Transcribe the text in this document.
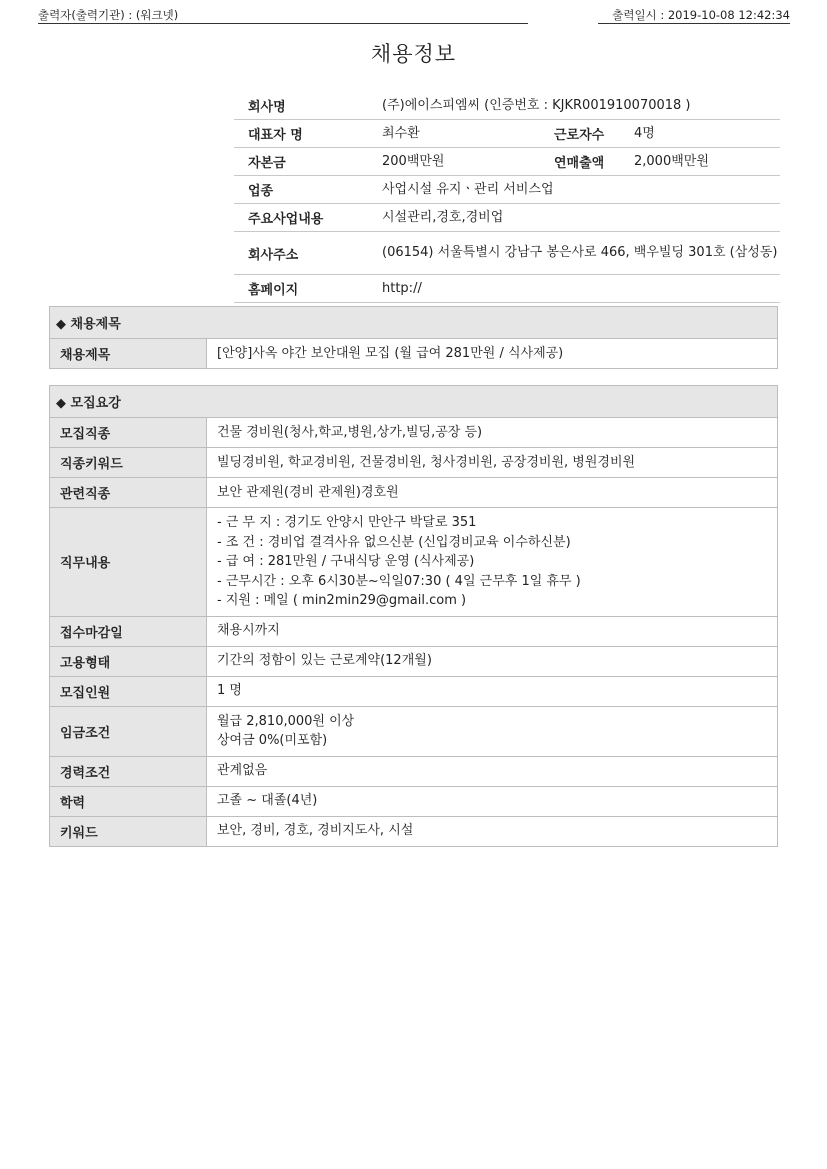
출력자(출력기관) : (워크넷)	출력일시 : 2019-10-08 12:42:34
채용정보
회사명	(주)에이스피엠씨 (인증번호 : KJKR001910070018 )		
대표자 명	최수환	근로자수	4명
자본금	200백만원	연매출액	2,000백만원
업종	사업시설 유지ㆍ관리 서비스업		
주요사업내용	시설관리,경호,경비업		
회사주소	(06154) 서울특별시 강남구 봉은사로 466, 백우빌딩 301호 (삼성동)		
홈페이지	http://		
◆ 채용제목
채용제목	[안양]사옥 야간 보안대원 모집 (월 급여 281만원 / 식사제공)
◆ 모집요강	
모집직종	건물 경비원(청사,학교,병원,상가,빌딩,공장 등)

직종키워드	빌딩경비원, 학교경비원, 건물경비원, 청사경비원, 공장경비원, 병원경비원

관련직종	보안 관제원(경비 관제원)경호원

직무내용	- 근 무 지 : 경기도 안양시 만안구 박달로 351
- 조 건 : 경비업 결격사유 없으신분 (신입경비교육 이수하신분)
- 급 여 : 281만원 / 구내식당 운영 (식사제공)
- 근무시간 : 오후 6시30분~익일07:30 ( 4일 근무후 1일 휴무 )
- 지원 : 메일 ( min2min29@gmail.com )

접수마감일	채용시까지

고용형태	기간의 정함이 있는 근로계약(12개월)

모집인원	1 명

임금조건	월급 2,810,000원 이상
상여금 0%(미포함)

경력조건	관계없음

학력	고졸 ~ 대졸(4년)

키워드	보안, 경비, 경호, 경비지도사, 시설
